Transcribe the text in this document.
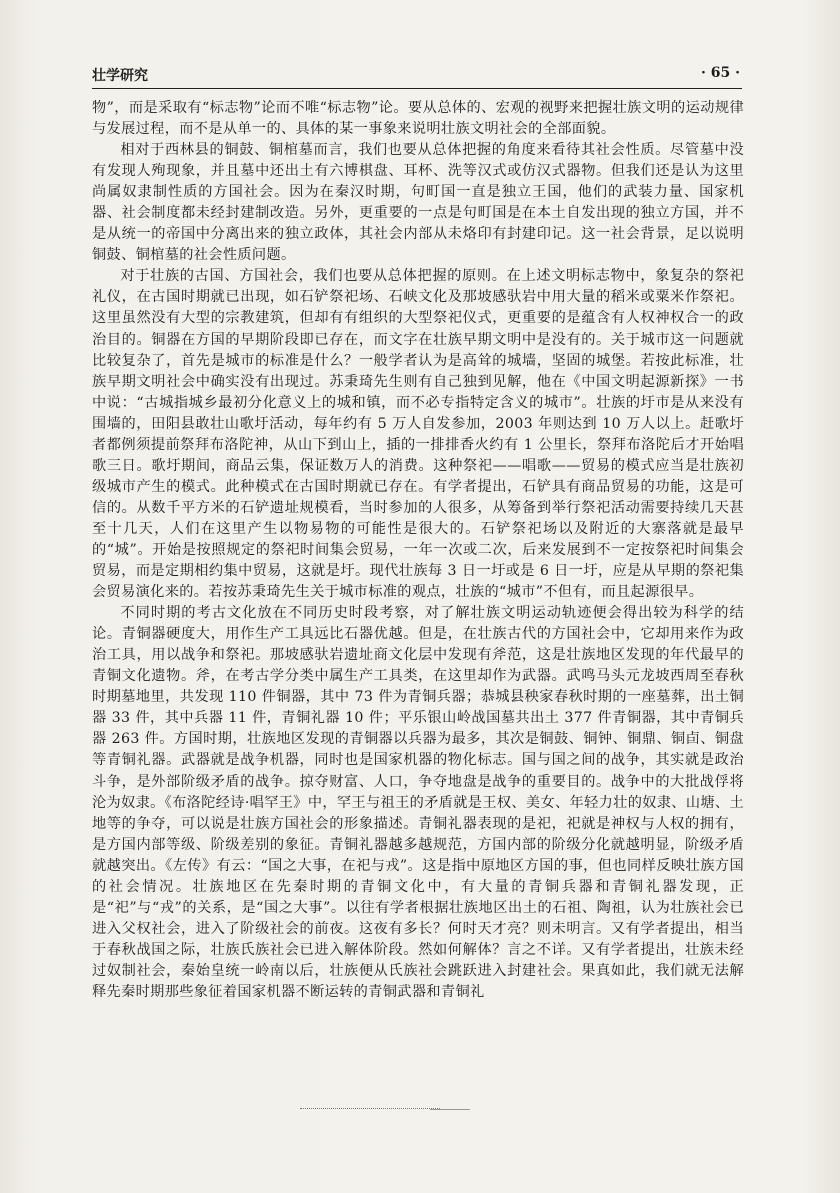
壮学研究	· 65 ·

物”，而是采取有“标志物”论而不唯“标志物”论。要从总体的、宏观的视野来把握壮族文明的运动规律与发展过程，而不是从单一的、具体的某一事象来说明壮族文明社会的全部面貌。

相对于西林县的铜鼓、铜棺墓而言，我们也要从总体把握的角度来看待其社会性质。尽管墓中没有发现人殉现象，并且墓中还出土有六博棋盘、耳杯、洗等汉式或仿汉式器物。但我们还是认为这里尚属奴隶制性质的方国社会。因为在秦汉时期，句町国一直是独立王国，他们的武装力量、国家机器、社会制度都未经封建制改造。另外，更重要的一点是句町国是在本土自发出现的独立方国，并不是从统一的帝国中分离出来的独立政体，其社会内部从未烙印有封建印记。这一社会背景，足以说明铜鼓、铜棺墓的社会性质问题。

对于壮族的古国、方国社会，我们也要从总体把握的原则。在上述文明标志物中，象复杂的祭祀礼仪，在古国时期就已出现，如石铲祭祀场、石峡文化及那坡感驮岩中用大量的稻米或粟米作祭祀。这里虽然没有大型的宗教建筑，但却有有组织的大型祭祀仪式，更重要的是蕴含有人权神权合一的政治目的。铜器在方国的早期阶段即已存在，而文字在壮族早期文明中是没有的。关于城市这一问题就比较复杂了，首先是城市的标准是什么？一般学者认为是高耸的城墙，坚固的城堡。若按此标准，壮族早期文明社会中确实没有出现过。苏秉琦先生则有自己独到见解，他在《中国文明起源新探》一书中说：“古城指城乡最初分化意义上的城和镇，而不必专指特定含义的城市”。壮族的圩市是从来没有围墙的，田阳县敢壮山歌圩活动，每年约有 5 万人自发参加，2003 年则达到 10 万人以上。赶歌圩者都例须提前祭拜布洛陀神，从山下到山上，插的一排排香火约有 1 公里长，祭拜布洛陀后才开始唱歌三日。歌圩期间，商品云集，保证数万人的消费。这种祭祀——唱歌——贸易的模式应当是壮族初级城市产生的模式。此种模式在古国时期就已存在。有学者提出，石铲具有商品贸易的功能，这是可信的。从数千平方米的石铲遗址规模看，当时参加的人很多，从筹备到举行祭祀活动需要持续几天甚至十几天，人们在这里产生以物易物的可能性是很大的。石铲祭祀场以及附近的大寨落就是最早的“城”。开始是按照规定的祭祀时间集会贸易，一年一次或二次，后来发展到不一定按祭祀时间集会贸易，而是定期相约集中贸易，这就是圩。现代壮族每 3 日一圩或是 6 日一圩，应是从早期的祭祀集会贸易演化来的。若按苏秉琦先生关于城市标准的观点，壮族的“城市”不但有，而且起源很早。

不同时期的考古文化放在不同历史时段考察，对了解壮族文明运动轨迹便会得出较为科学的结论。青铜器硬度大，用作生产工具远比石器优越。但是，在壮族古代的方国社会中，它却用来作为政治工具，用以战争和祭祀。那坡感驮岩遗址商文化层中发现有斧范，这是壮族地区发现的年代最早的青铜文化遗物。斧，在考古学分类中属生产工具类，在这里却作为武器。武鸣马头元龙坡西周至春秋时期墓地里，共发现 110 件铜器，其中 73 件为青铜兵器；恭城县秧家春秋时期的一座墓葬，出土铜器 33 件，其中兵器 11 件，青铜礼器 10 件；平乐银山岭战国墓共出土 377 件青铜器，其中青铜兵器 263 件。方国时期，壮族地区发现的青铜器以兵器为最多，其次是铜鼓、铜钟、铜鼎、铜卣、铜盘等青铜礼器。武器就是战争机器，同时也是国家机器的物化标志。国与国之间的战争，其实就是政治斗争，是外部阶级矛盾的战争。掠夺财富、人口，争夺地盘是战争的重要目的。战争中的大批战俘将沦为奴隶。《布洛陀经诗·唱罕王》中，罕王与祖王的矛盾就是王权、美女、年轻力壮的奴隶、山塘、土地等的争夺，可以说是壮族方国社会的形象描述。青铜礼器表现的是祀，祀就是神权与人权的拥有，是方国内部等级、阶级差别的象征。青铜礼器越多越规范，方国内部的阶级分化就越明显，阶级矛盾就越突出。《左传》有云：“国之大事，在祀与戎”。这是指中原地区方国的事，但也同样反映壮族方国的社会情况。壮族地区在先秦时期的青铜文化中，有大量的青铜兵器和青铜礼器发现，正是“祀”与“戎”的关系，是“国之大事”。以往有学者根据壮族地区出土的石祖、陶祖，认为壮族社会已进入父权社会，进入了阶级社会的前夜。这夜有多长？何时天才亮？则未明言。又有学者提出，相当于春秋战国之际，壮族氏族社会已进入解体阶段。然如何解体？言之不详。又有学者提出，壮族未经过奴制社会，秦始皇统一岭南以后，壮族便从氏族社会跳跃进入封建社会。果真如此，我们就无法解释先秦时期那些象征着国家机器不断运转的青铜武器和青铜礼
